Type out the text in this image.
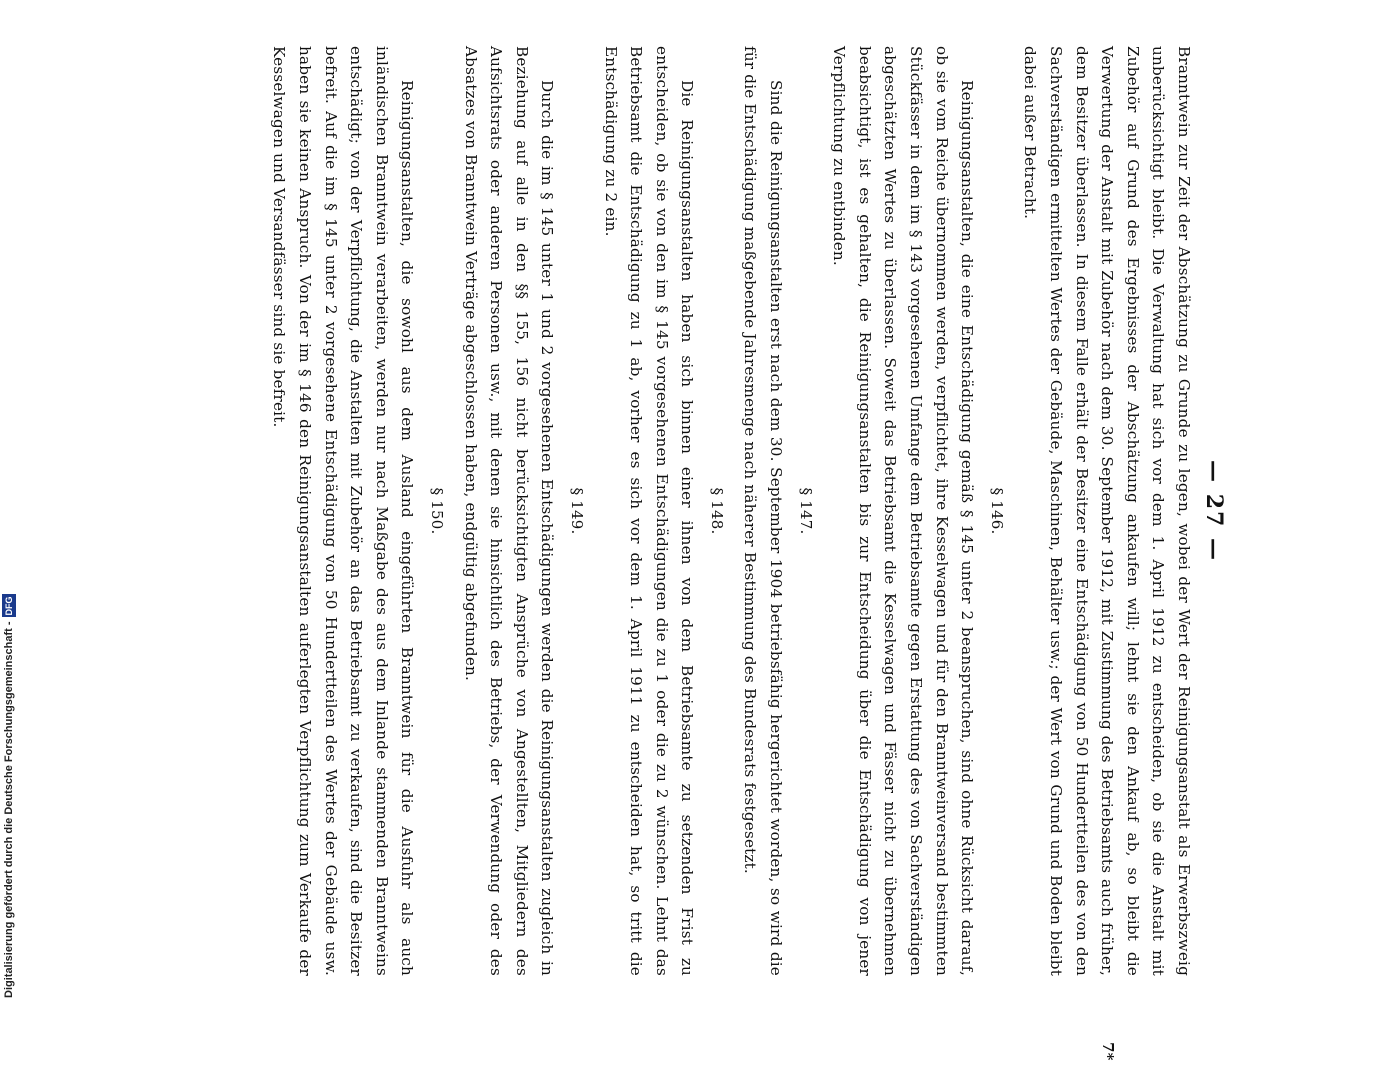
— 27 —

Branntwein zur Zeit der Abschätzung zu Grunde zu legen, wobei der Wert der Reinigungsanstalt als Erwerbszweig unberücksichtigt bleibt. Die Verwaltung hat sich vor dem 1. April 1912 zu entscheiden, ob sie die Anstalt mit Zubehör auf Grund des Ergebnisses der Abschätzung ankaufen will; lehnt sie den Ankauf ab, so bleibt die Verwertung der Anstalt mit Zubehör nach dem 30. September 1912, mit Zustimmung des Betriebsamts auch früher, dem Besitzer überlassen. In diesem Falle erhält der Besitzer eine Entschädigung von 50 Hundertteilen des von den Sachverständigen ermittelten Wertes der Gebäude, Maschinen, Behälter usw.; der Wert von Grund und Boden bleibt dabei außer Betracht.

§ 146.

Reinigungsanstalten, die eine Entschädigung gemäß § 145 unter 2 beanspruchen, sind ohne Rücksicht darauf, ob sie vom Reiche übernommen werden, verpflichtet, ihre Kesselwagen und für den Branntweinversand bestimmten Stückfässer in dem im § 143 vorgesehenen Umfange dem Betriebsamte gegen Erstattung des von Sachverständigen abgeschätzten Wertes zu überlassen. Soweit das Betriebsamt die Kesselwagen und Fässer nicht zu übernehmen beabsichtigt, ist es gehalten, die Reinigungsanstalten bis zur Entscheidung über die Entschädigung von jener Verpflichtung zu entbinden.

§ 147.

Sind die Reinigungsanstalten erst nach dem 30. September 1904 betriebsfähig hergerichtet worden, so wird die für die Entschädigung maßgebende Jahresmenge nach näherer Bestimmung des Bundesrats festgesetzt.

§ 148.

Die Reinigungsanstalten haben sich binnen einer ihnen von dem Betriebsamte zu setzenden Frist zu entscheiden, ob sie von den im § 145 vorgesehenen Entschädigungen die zu 1 oder die zu 2 wünschen. Lehnt das Betriebsamt die Entschädigung zu 1 ab, vorher es sich vor dem 1. April 1911 zu entscheiden hat, so tritt die Entschädigung zu 2 ein.

§ 149.

Durch die im § 145 unter 1 und 2 vorgesehenen Entschädigungen werden die Reinigungsanstalten zugleich in Beziehung auf alle in den §§ 155, 156 nicht berücksichtigten Ansprüche von Angestellten, Mitgliedern des Aufsichtsrats oder anderen Personen usw., mit denen sie hinsichtlich des Betriebs, der Verwendung oder des Absatzes von Branntwein Verträge abgeschlossen haben, endgültig abgefunden.

§ 150.

Reinigungsanstalten, die sowohl aus dem Ausland eingeführten Branntwein für die Ausfuhr als auch inländischen Branntwein verarbeiten, werden nur nach Maßgabe des aus dem Inlande stammenden Branntweins entschädigt; von der Verpflichtung, die Anstalten mit Zubehör an das Betriebsamt zu verkaufen, sind die Besitzer befreit. Auf die im § 145 unter 2 vorgesehene Entschädigung von 50 Hundertteilen des Wertes der Gebäude usw. haben sie keinen Anspruch. Von der im § 146 den Reinigungsanstalten auferlegten Verpflichtung zum Verkaufe der Kesselwagen und Versandfässer sind sie befreit.

7*
Digitalisierung gefördert durch die Deutsche Forschungsgemeinschaft -DFG
